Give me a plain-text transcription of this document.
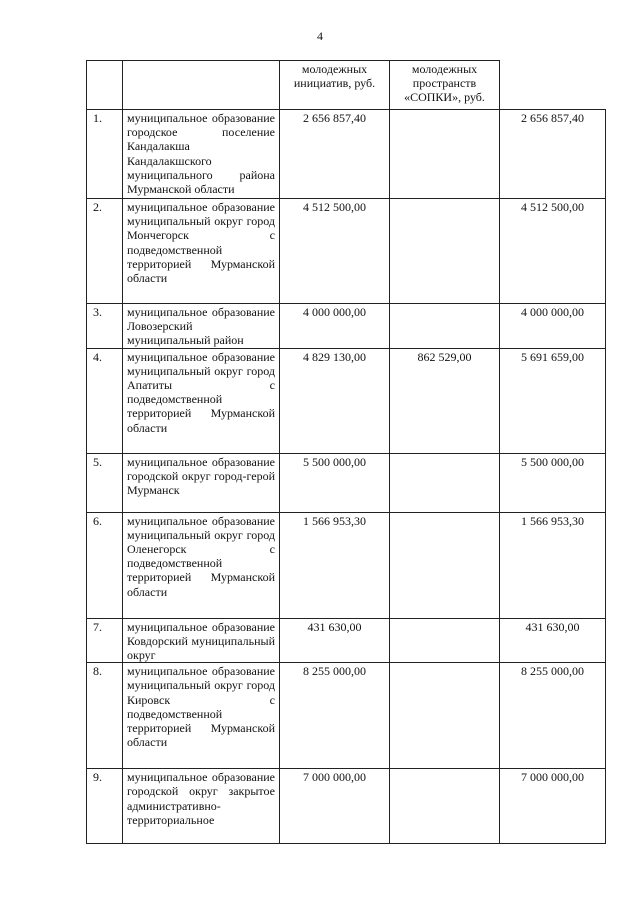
4
		молодежных инициатив, руб.	молодежных пространств «СОПКИ», руб.	
1.	муниципальное образование городское поселение Кандалакша Кандалакшского муниципального района Мурманской области	2 656 857,40		2 656 857,40
2.	муниципальное образование муниципальный округ город Мончегорск с подведомственной территорией Мурманской области	4 512 500,00		4 512 500,00
3.	муниципальное образование Ловозерский муниципальный район	4 000 000,00		4 000 000,00
4.	муниципальное образование муниципальный округ город Апатиты с подведомственной территорией Мурманской области	4 829 130,00	862 529,00	5 691 659,00
5.	муниципальное образование городской округ город-герой Мурманск	5 500 000,00		5 500 000,00
6.	муниципальное образование муниципальный округ город Оленегорск с подведомственной территорией Мурманской области	1 566 953,30		1 566 953,30
7.	муниципальное образование Ковдорский муниципальный округ	431 630,00		431 630,00
8.	муниципальное образование муниципальный округ город Кировск с подведомственной территорией Мурманской области	8 255 000,00		8 255 000,00
9.	муниципальное образование городской округ закрытое административно-территориальное	7 000 000,00		7 000 000,00
